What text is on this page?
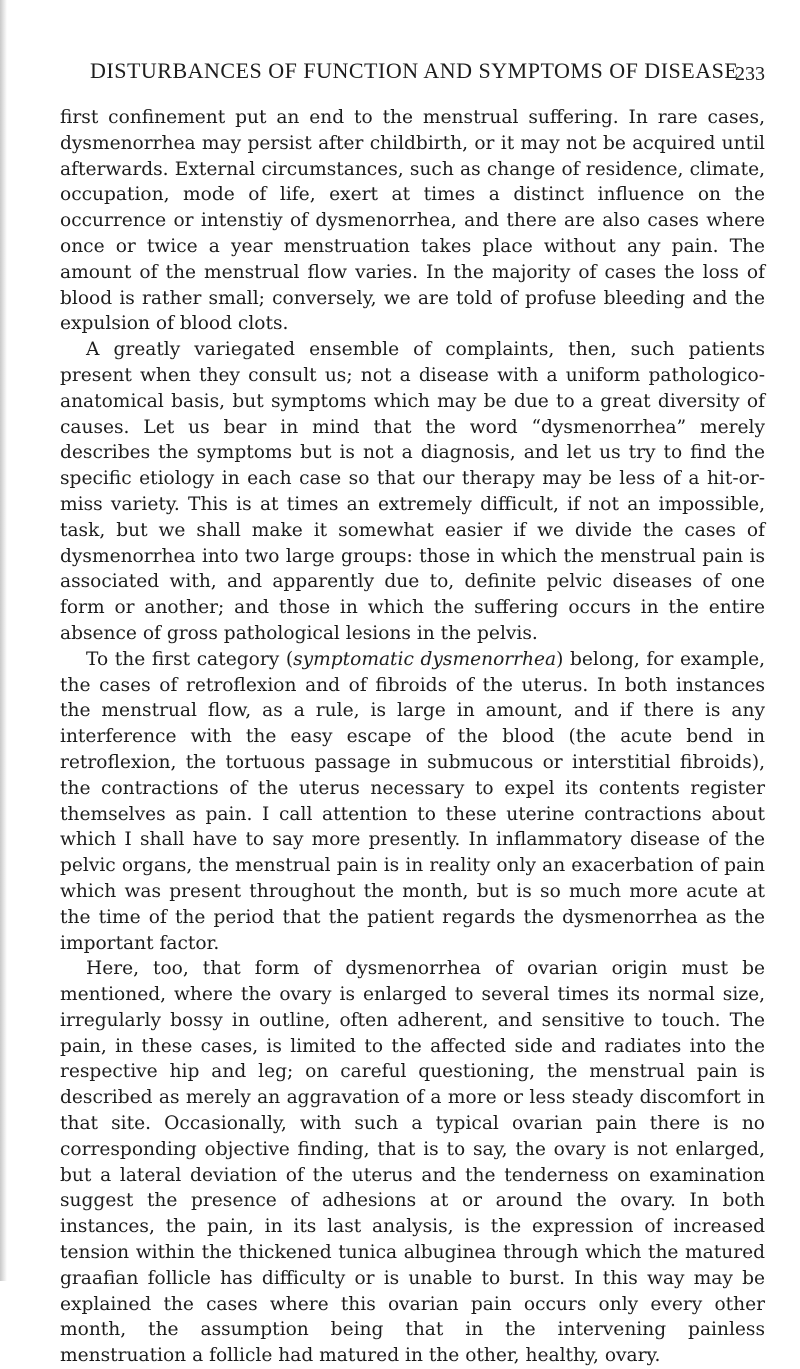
DISTURBANCES OF FUNCTION AND SYMPTOMS OF DISEASE
233

first confinement put an end to the menstrual suffering. In rare cases, dysmenorrhea may persist after childbirth, or it may not be acquired until afterwards. External circumstances, such as change of residence, climate, occupation, mode of life, exert at times a distinct influence on the occurrence or intenstiy of dysmenorrhea, and there are also cases where once or twice a year menstruation takes place without any pain. The amount of the menstrual flow varies. In the majority of cases the loss of blood is rather small; conversely, we are told of profuse bleeding and the expulsion of blood clots.

A greatly variegated ensemble of complaints, then, such patients present when they consult us; not a disease with a uniform pathologico-anatomical basis, but symptoms which may be due to a great diversity of causes. Let us bear in mind that the word “dysmenorrhea” merely describes the symptoms but is not a diagnosis, and let us try to find the specific etiology in each case so that our therapy may be less of a hit-or-miss variety. This is at times an extremely difficult, if not an impossible, task, but we shall make it somewhat easier if we divide the cases of dysmenorrhea into two large groups: those in which the menstrual pain is associated with, and apparently due to, definite pelvic diseases of one form or another; and those in which the suffering occurs in the entire absence of gross pathological lesions in the pelvis.

To the first category (symptomatic dysmenorrhea) belong, for example, the cases of retroflexion and of fibroids of the uterus. In both instances the menstrual flow, as a rule, is large in amount, and if there is any interference with the easy escape of the blood (the acute bend in retroflexion, the tortuous passage in submucous or interstitial fibroids), the contractions of the uterus necessary to expel its contents register themselves as pain. I call attention to these uterine contractions about which I shall have to say more presently. In inflammatory disease of the pelvic organs, the menstrual pain is in reality only an exacerbation of pain which was present throughout the month, but is so much more acute at the time of the period that the patient regards the dysmenorrhea as the important factor.

Here, too, that form of dysmenorrhea of ovarian origin must be mentioned, where the ovary is enlarged to several times its normal size, irregularly bossy in outline, often adherent, and sensitive to touch. The pain, in these cases, is limited to the affected side and radiates into the respective hip and leg; on careful questioning, the menstrual pain is described as merely an aggravation of a more or less steady discomfort in that site. Occasionally, with such a typical ovarian pain there is no corresponding objective finding, that is to say, the ovary is not enlarged, but a lateral deviation of the uterus and the tenderness on examination suggest the presence of adhesions at or around the ovary. In both instances, the pain, in its last analysis, is the expression of increased tension within the thickened tunica albuginea through which the matured graafian follicle has difficulty or is unable to burst. In this way may be explained the cases where this ovarian pain occurs only every other month, the assumption being that in the intervening painless menstruation a follicle had matured in the other, healthy, ovary.
